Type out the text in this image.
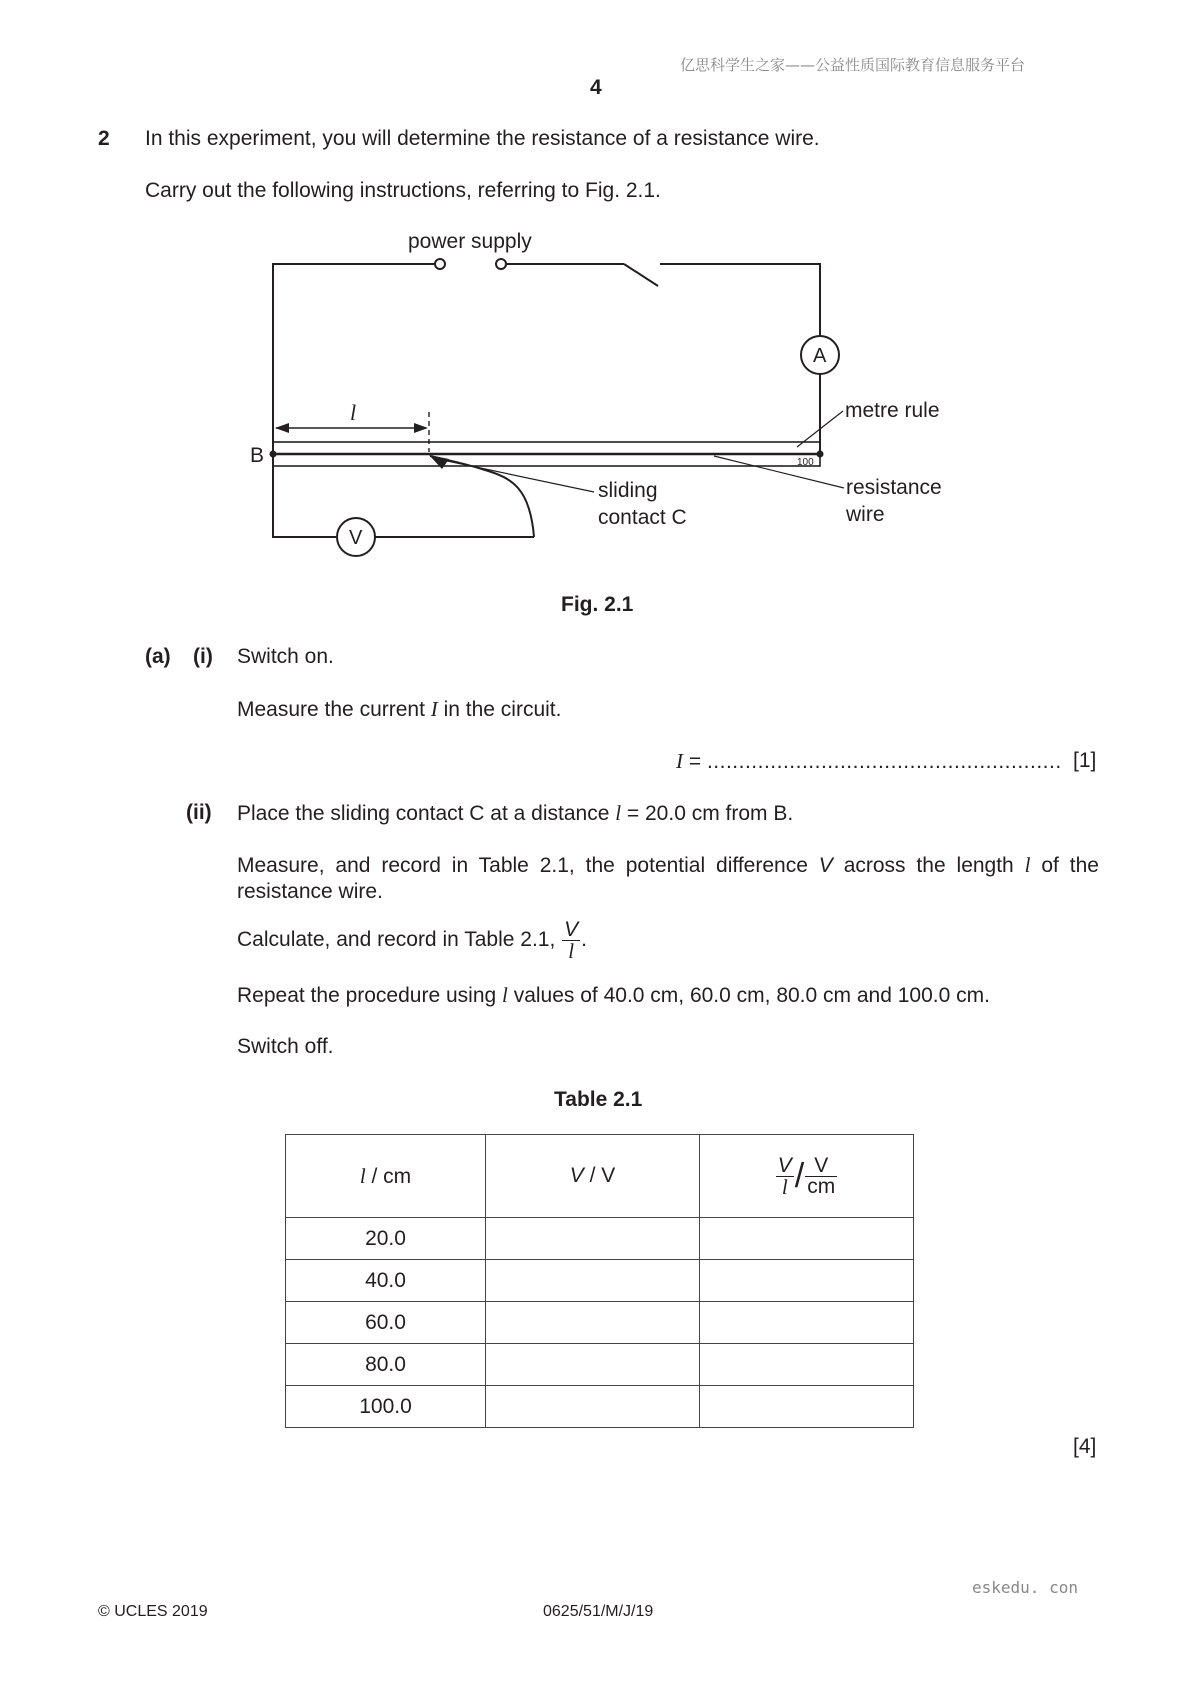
亿思科学生之家——公益性质国际教育信息服务平台
4
2 In this experiment, you will determine the resistance of a resistance wire.
Carry out the following instructions, referring to Fig. 2.1.
power supply
A
V
l
B
metre rule
100
sliding
contact C
resistance
wire
Fig. 2.1
(a) (i) Switch on.
Measure the current I in the circuit.
I = ........................................................ [1]
(ii) Place the sliding contact C at a distance l = 20.0 cm from B.
Measure, and record in Table 2.1, the potential difference V across the length l of the resistance wire.
Calculate, and record in Table 2.1, $\frac{V}{l}$ .
Repeat the procedure using l values of 40.0 cm, 60.0 cm, 80.0 cm and 100.0 cm.
Switch off.
Table 2.1
l / cm	V / V	$\frac{V}{l} / \frac{V}{cm}$

20.0		
40.0		
60.0		
80.0		
100.0		
[4]
eskedu. con
© UCLES 2019	0625/51/M/J/19
